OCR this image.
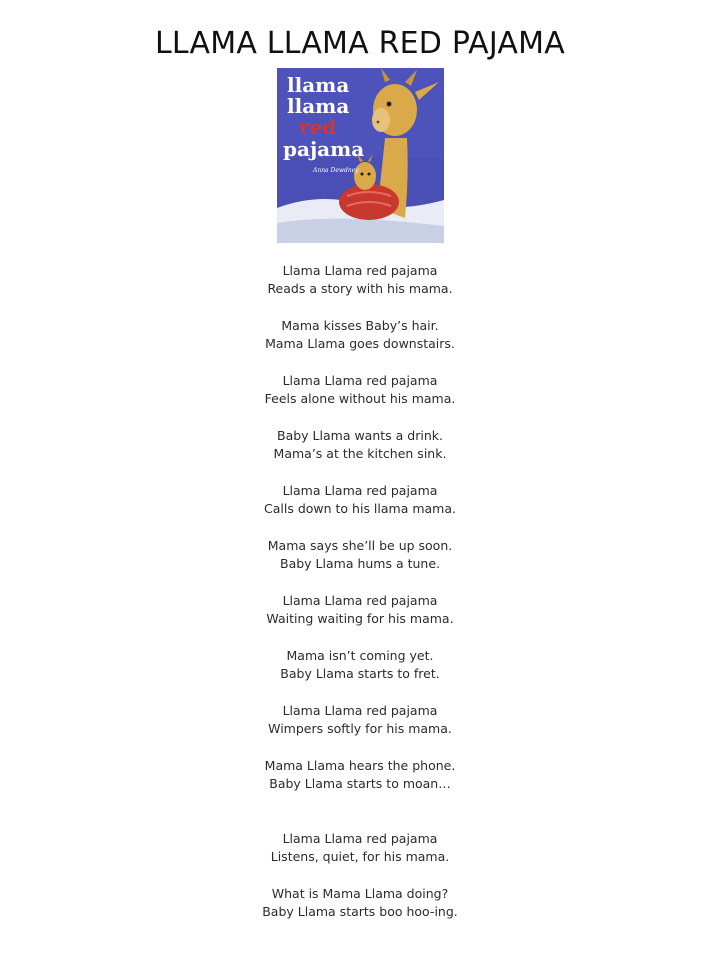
LLAMA LLAMA RED PAJAMA
llama
llama
red
pajama
Anna Dewdney
Llama Llama red pajama
Reads a story with his mama.
Mama kisses Baby’s hair.
Mama Llama goes downstairs.
Llama Llama red pajama
Feels alone without his mama.
Baby Llama wants a drink.
Mama’s at the kitchen sink.
Llama Llama red pajama
Calls down to his llama mama.
Mama says she’ll be up soon.
Baby Llama hums a tune.
Llama Llama red pajama
Waiting waiting for his mama.
Mama isn’t coming yet.
Baby Llama starts to fret.
Llama Llama red pajama
Wimpers softly for his mama.
Mama Llama hears the phone.
Baby Llama starts to moan…
Llama Llama red pajama
Listens, quiet, for his mama.
What is Mama Llama doing?
Baby Llama starts boo hoo-ing.
